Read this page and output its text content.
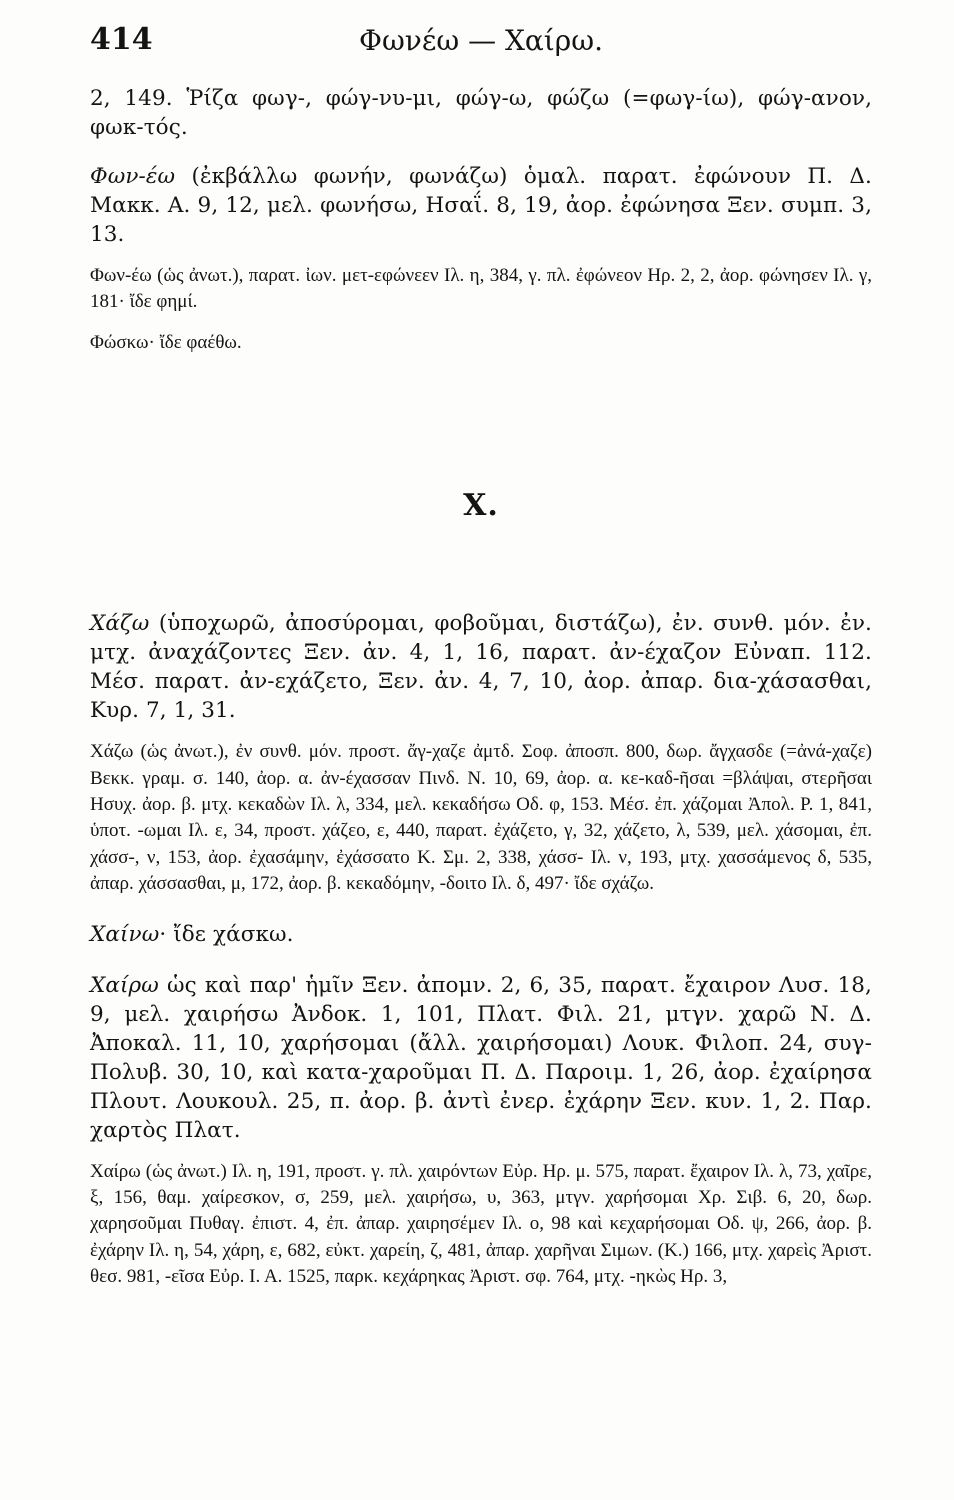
414	Φωνέω — Χαίρω.

2, 149. Ῥίζα φωγ-, φώγ-νυ-μι, φώγ-ω, φώζω (=φωγ-ίω), φώγ-ανον, φωκ-τός.

Φων-έω (ἐκβάλλω φωνήν, φωνάζω) ὁμαλ. παρατ. ἐφώνουν Π. Δ. Μακκ. Α. 9, 12, μελ. φωνήσω, Ησαΐ. 8, 19, ἀορ. ἐφώνησα Ξεν. συμπ. 3, 13.

Φων-έω (ὡς ἀνωτ.), παρατ. ἰων. μετ-εφώνεεν Ιλ. η, 384, γ. πλ. ἐφώνεον Ηρ. 2, 2, ἀορ. φώνησεν Ιλ. γ, 181· ἴδε φημί.

Φώσκω· ἴδε φαέθω.

Χ.

Χάζω (ὑποχωρῶ, ἀποσύρομαι, φοβοῦμαι, διστάζω), ἐν. συνθ. μόν. ἐν. μτχ. ἀναχάζοντες Ξεν. ἀν. 4, 1, 16, παρατ. ἀν-έχαζον Εὐναπ. 112. Μέσ. παρατ. ἀν-εχάζετο, Ξεν. ἀν. 4, 7, 10, ἀορ. ἀπαρ. δια-χάσασθαι, Κυρ. 7, 1, 31.

Χάζω (ὡς ἀνωτ.), ἐν συνθ. μόν. προστ. ἄγ-χαζε ἀμτδ. Σοφ. ἀποσπ. 800, δωρ. ἄγχασδε (=ἀνά-χαζε) Βεκκ. γραμ. σ. 140, ἀορ. α. ἀν-έχασσαν Πινδ. Ν. 10, 69, ἀορ. α. κε-καδ-ῆσαι =βλάψαι, στερῆσαι Ησυχ. ἀορ. β. μτχ. κεκαδὼν Ιλ. λ, 334, μελ. κεκαδήσω Οδ. φ, 153. Μέσ. ἐπ. χάζομαι Ἀπολ. Ρ. 1, 841, ὑποτ. -ωμαι Ιλ. ε, 34, προστ. χάζεο, ε, 440, παρατ. ἐχάζετο, γ, 32, χάζετο, λ, 539, μελ. χάσομαι, ἐπ. χάσσ-, ν, 153, ἀορ. ἐχασάμην, ἐχάσσατο Κ. Σμ. 2, 338, χάσσ- Ιλ. ν, 193, μτχ. χασσάμενος δ, 535, ἀπαρ. χάσσασθαι, μ, 172, ἀορ. β. κεκαδόμην, -δοιτο Ιλ. δ, 497· ἴδε σχάζω.

Χαίνω· ἴδε χάσκω.

Χαίρω ὡς καὶ παρ' ἡμῖν Ξεν. ἀπομν. 2, 6, 35, παρατ. ἔχαιρον Λυσ. 18, 9, μελ. χαιρήσω Ἀνδοκ. 1, 101, Πλατ. Φιλ. 21, μτγν. χαρῶ Ν. Δ. Ἀποκαλ. 11, 10, χαρήσομαι (ἄλλ. χαιρήσομαι) Λουκ. Φιλοπ. 24, συγ- Πολυβ. 30, 10, καὶ κατα-χαροῦμαι Π. Δ. Παροιμ. 1, 26, ἀορ. ἐχαίρησα Πλουτ. Λουκουλ. 25, π. ἀορ. β. ἀντὶ ἐνερ. ἐχάρην Ξεν. κυν. 1, 2. Παρ. χαρτὸς Πλατ.

Χαίρω (ὡς ἀνωτ.) Ιλ. η, 191, προστ. γ. πλ. χαιρόντων Εὐρ. Ηρ. μ. 575, παρατ. ἔχαιρον Ιλ. λ, 73, χαῖρε, ξ, 156, θαμ. χαίρεσκον, σ, 259, μελ. χαιρήσω, υ, 363, μτγν. χαρήσομαι Χρ. Σιβ. 6, 20, δωρ. χαρησοῦμαι Πυθαγ. ἐπιστ. 4, ἐπ. ἀπαρ. χαιρησέμεν Ιλ. ο, 98 καὶ κεχαρήσομαι Οδ. ψ, 266, ἀορ. β. ἐχάρην Ιλ. η, 54, χάρη, ε, 682, εὐκτ. χαρείη, ζ, 481, ἀπαρ. χαρῆναι Σιμων. (Κ.) 166, μτχ. χαρεὶς Ἀριστ. θεσ. 981, -εῖσα Εὐρ. Ι. Α. 1525, παρκ. κεχάρηκας Ἀριστ. σφ. 764, μτχ. -ηκὼς Ηρ. 3,
